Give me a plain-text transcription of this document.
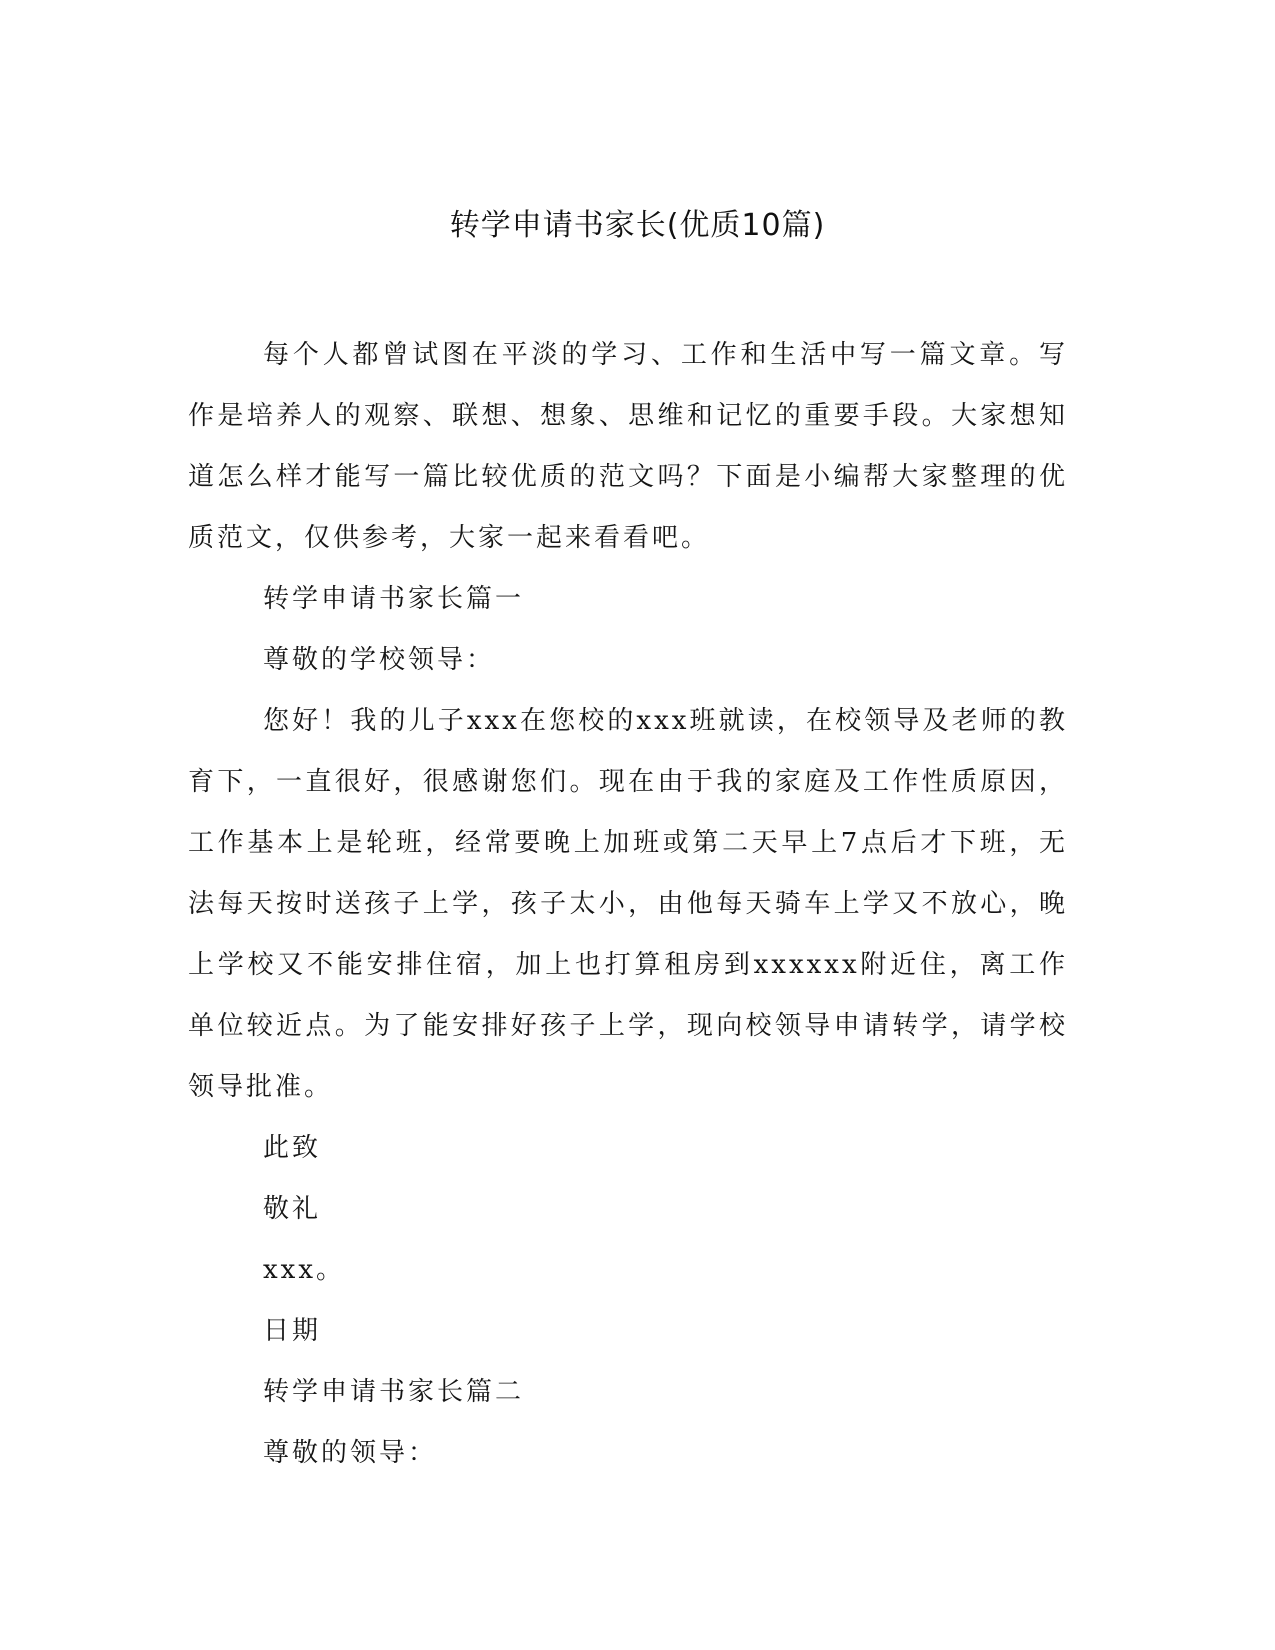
转学申请书家长(优质10篇)

每个人都曾试图在平淡的学习、工作和生活中写一篇文章。写作是培养人的观察、联想、想象、思维和记忆的重要手段。大家想知道怎么样才能写一篇比较优质的范文吗？下面是小编帮大家整理的优质范文，仅供参考，大家一起来看看吧。

转学申请书家长篇一

尊敬的学校领导：

您好！我的儿子xxx在您校的xxx班就读，在校领导及老师的教育下，一直很好，很感谢您们。现在由于我的家庭及工作性质原因，工作基本上是轮班，经常要晚上加班或第二天早上7点后才下班，无法每天按时送孩子上学，孩子太小，由他每天骑车上学又不放心，晚上学校又不能安排住宿，加上也打算租房到xxxxxx附近住，离工作单位较近点。为了能安排好孩子上学，现向校领导申请转学，请学校领导批准。

此致

敬礼

xxx。

日期

转学申请书家长篇二

尊敬的领导：
